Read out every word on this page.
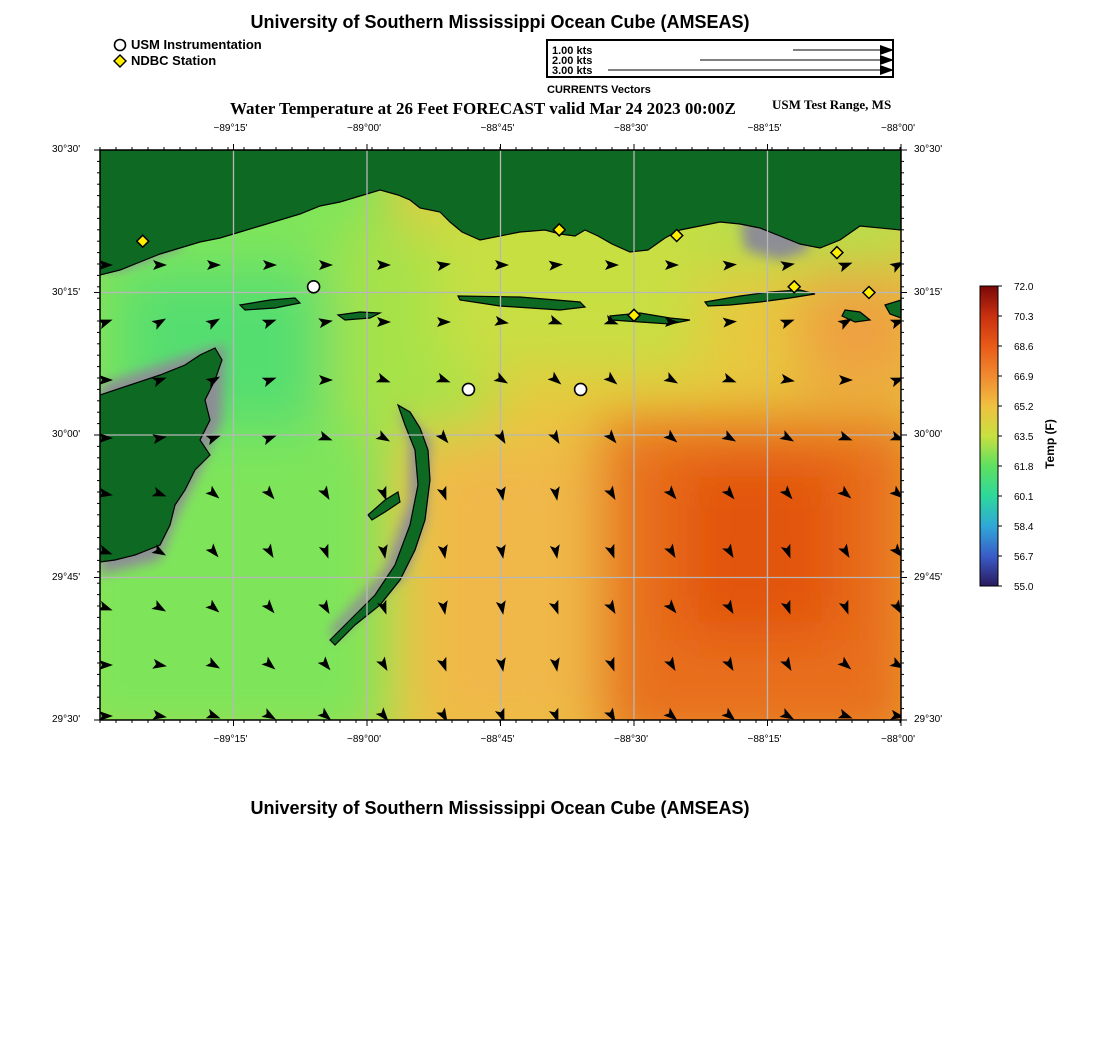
University of Southern Mississippi Ocean Cube (AMSEAS)
USM Instrumentation
NDBC Station
1.00 kts
2.00 kts
3.00 kts
CURRENTS Vectors
Water Temperature at 26 Feet FORECAST valid Mar 24 2023 00:00Z	USM Test Range, MS
−89°15'	−89°00'	−88°45'	−88°30'	−88°15'	−88°00'
−89°15'	−89°00'	−88°45'	−88°30'	−88°15'	−88°00'
30°30'
30°15'
30°00'
29°45'
29°30'
30°30'
30°15'
30°00'
29°45'
29°30'
72.0
70.3
68.6
66.9
65.2
63.5
61.8
60.1
58.4
56.7
55.0
Temp (F)
University of Southern Mississippi Ocean Cube (AMSEAS)
